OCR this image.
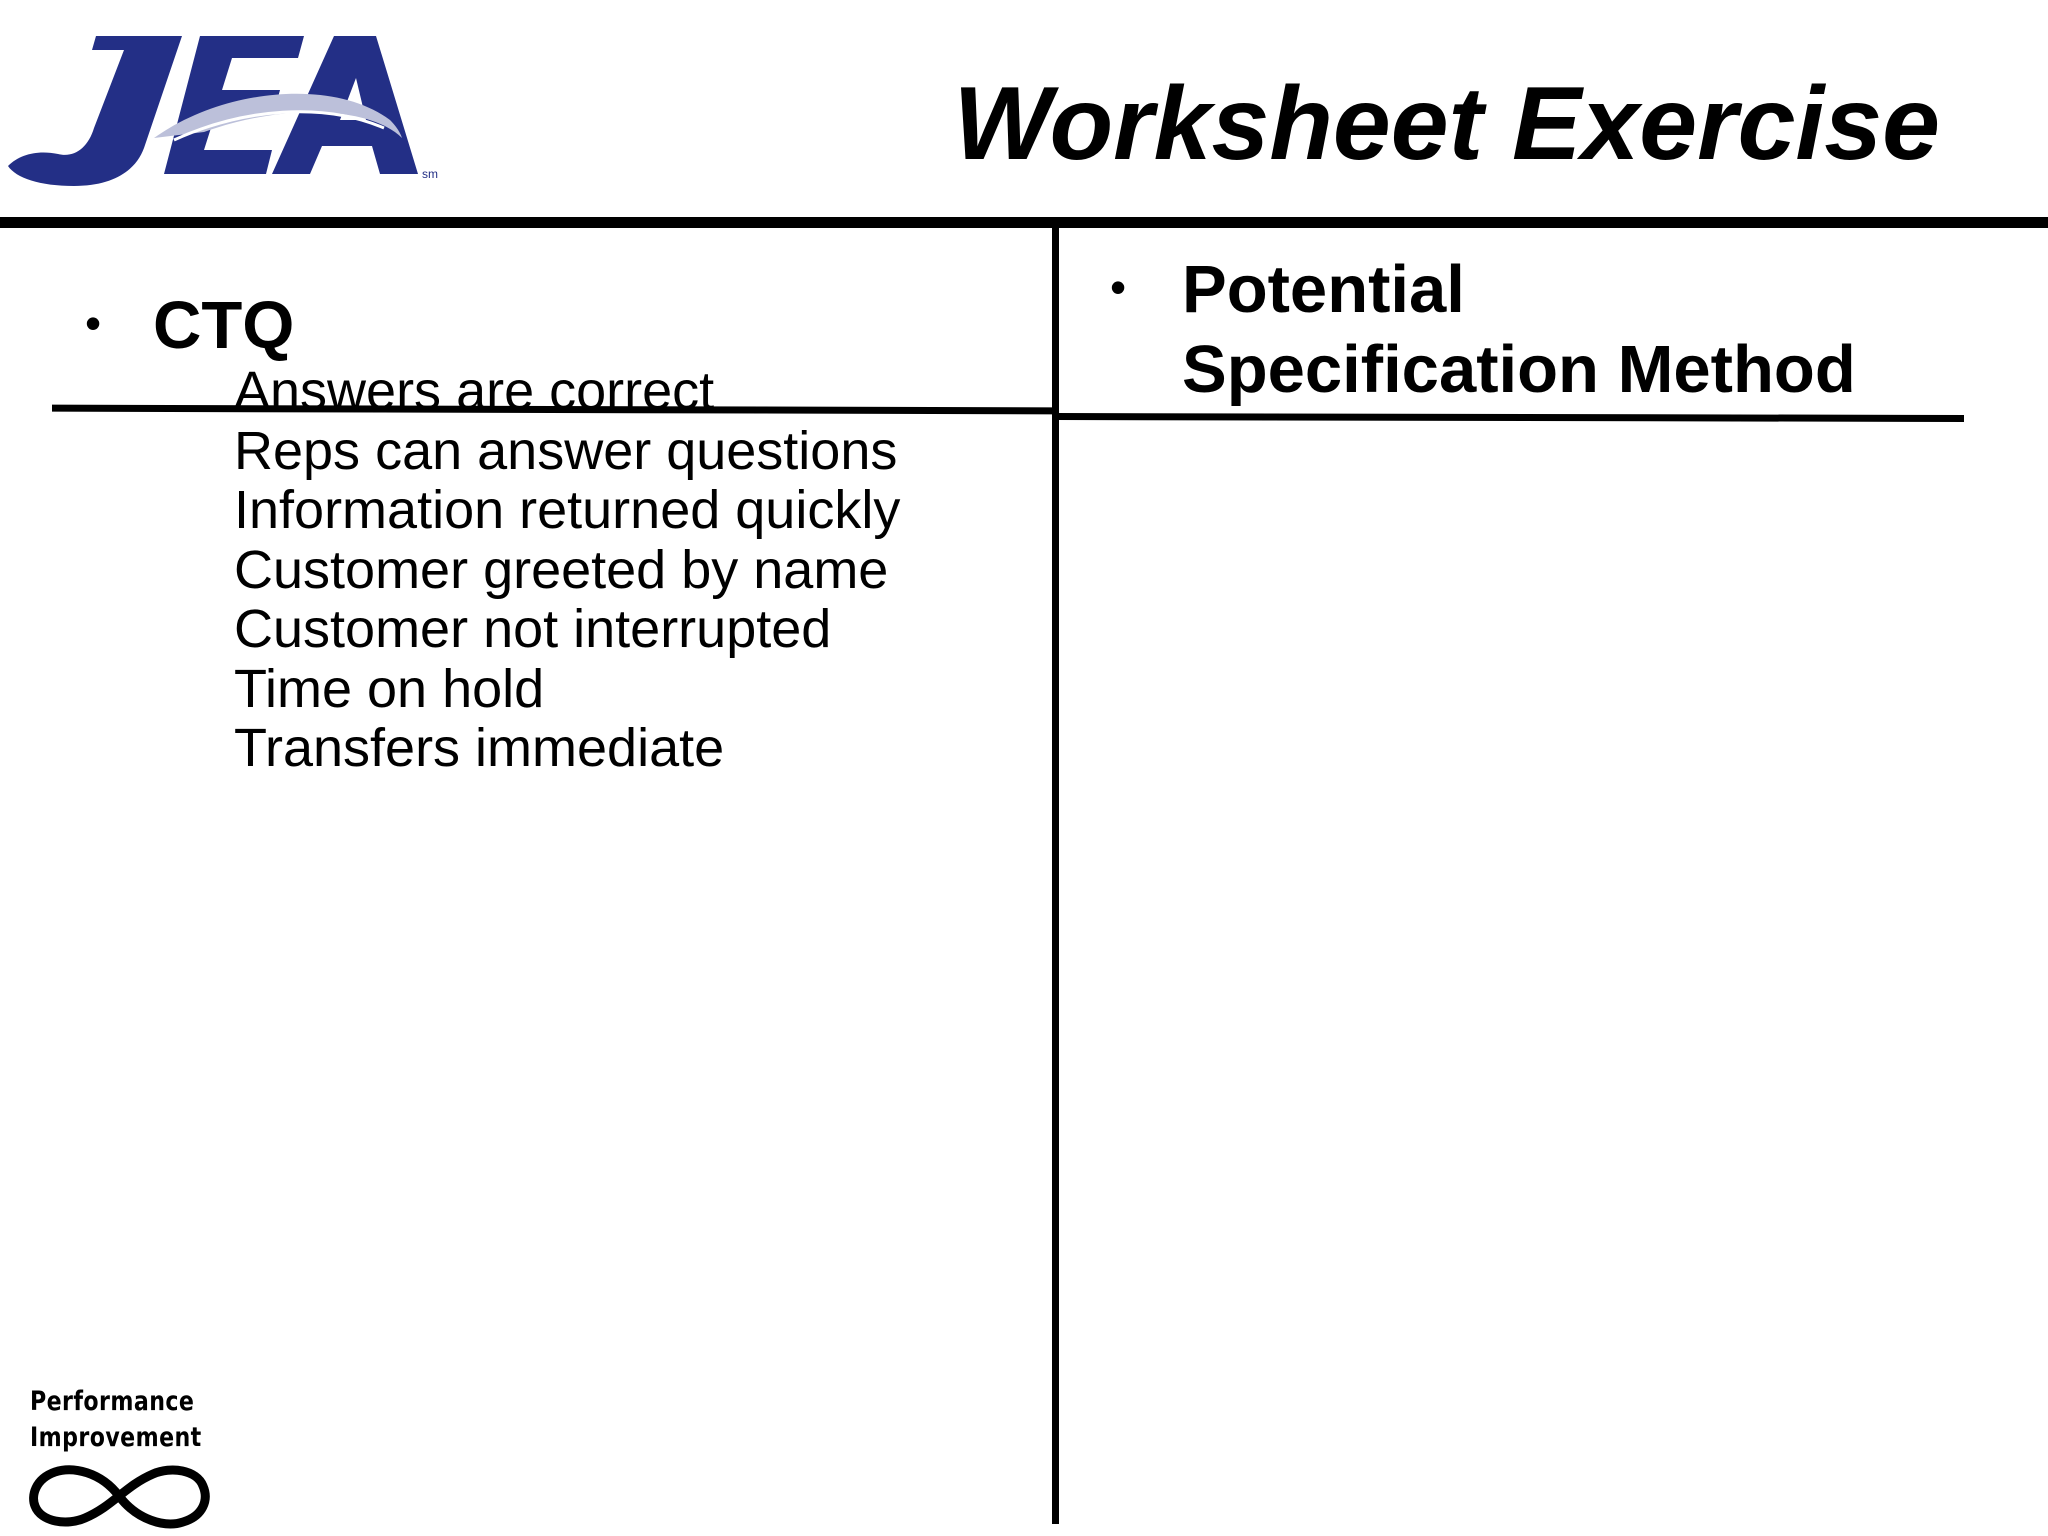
sm	Worksheet Exercise
• CTQ
Answers are correct
Reps can answer questions
Information returned quickly
Customer greeted by name
Customer not interrupted
Time on hold
Transfers immediate
• Potential
Specification Method
Performance
Improvement
